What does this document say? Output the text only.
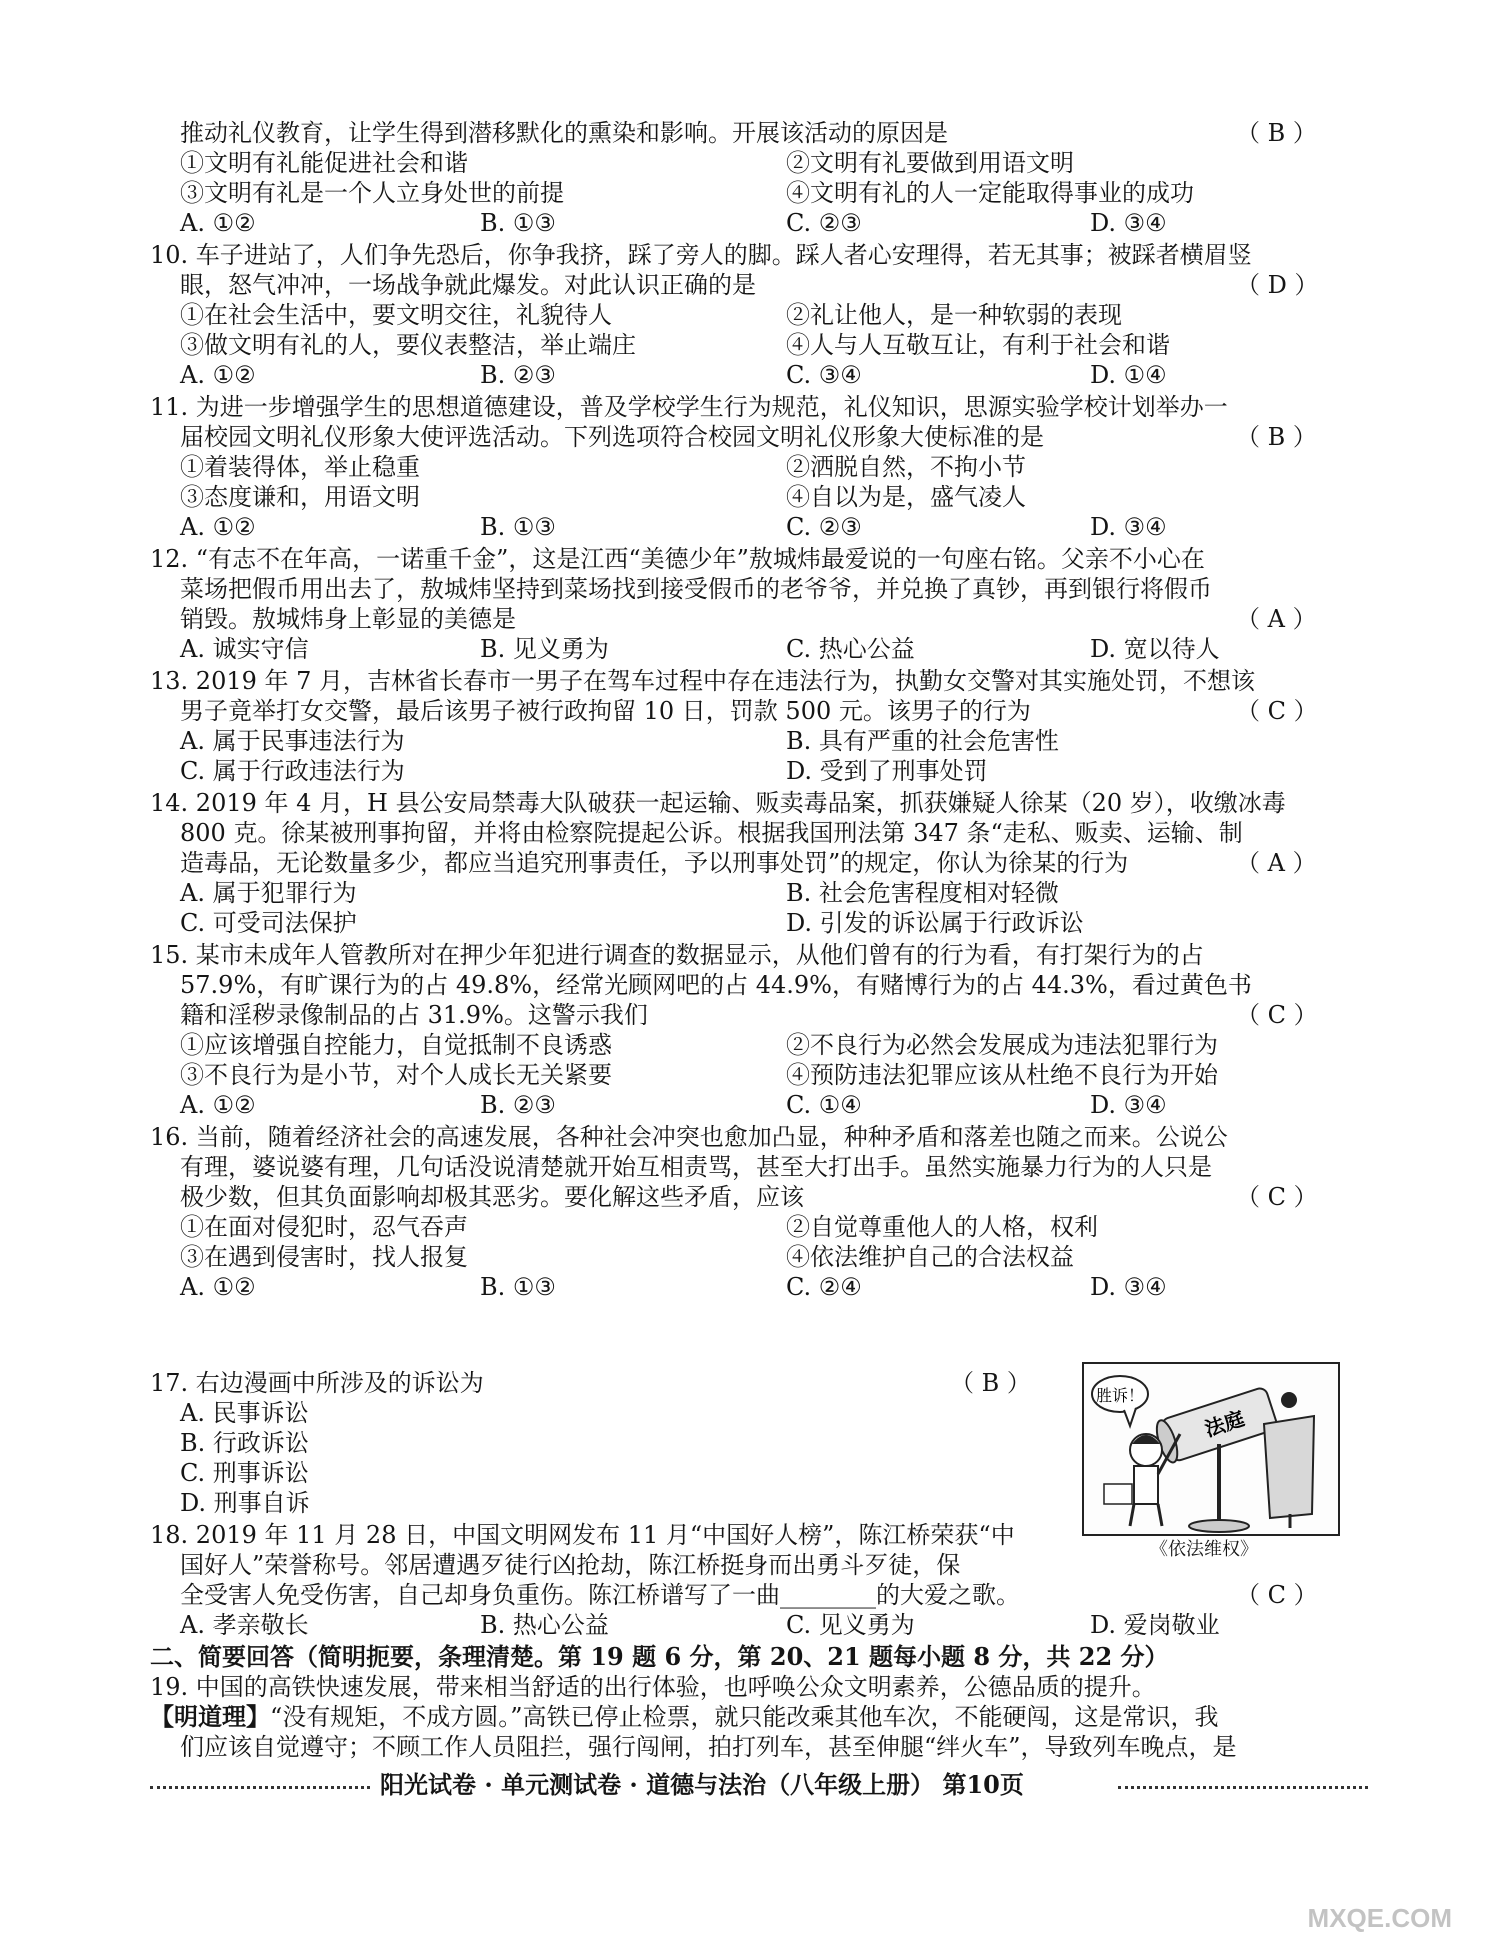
推动礼仪教育，让学生得到潜移默化的熏染和影响。开展该活动的原因是	（ B ）
①文明有礼能促进社会和谐	②文明有礼要做到用语文明
③文明有礼是一个人立身处世的前提	④文明有礼的人一定能取得事业的成功
A. ①②	B. ①③	C. ②③	D. ③④
10. 车子进站了，人们争先恐后，你争我挤，踩了旁人的脚。踩人者心安理得，若无其事；被踩者横眉竖
眼，怒气冲冲，一场战争就此爆发。对此认识正确的是	（ D ）
①在社会生活中，要文明交往，礼貌待人	②礼让他人，是一种软弱的表现
③做文明有礼的人，要仪表整洁，举止端庄	④人与人互敬互让，有利于社会和谐
A. ①②	B. ②③	C. ③④	D. ①④
11. 为进一步增强学生的思想道德建设，普及学校学生行为规范，礼仪知识，思源实验学校计划举办一
届校园文明礼仪形象大使评选活动。下列选项符合校园文明礼仪形象大使标准的是	（ B ）
①着装得体，举止稳重	②洒脱自然，不拘小节
③态度谦和，用语文明	④自以为是，盛气凌人
A. ①②	B. ①③	C. ②③	D. ③④
12. “有志不在年高，一诺重千金”，这是江西“美德少年”敖城炜最爱说的一句座右铭。父亲不小心在
菜场把假币用出去了，敖城炜坚持到菜场找到接受假币的老爷爷，并兑换了真钞，再到银行将假币
销毁。敖城炜身上彰显的美德是	（ A ）
A. 诚实守信	B. 见义勇为	C. 热心公益	D. 宽以待人
13. 2019 年 7 月，吉林省长春市一男子在驾车过程中存在违法行为，执勤女交警对其实施处罚，不想该
男子竟举打女交警，最后该男子被行政拘留 10 日，罚款 500 元。该男子的行为	（ C ）
A. 属于民事违法行为	B. 具有严重的社会危害性
C. 属于行政违法行为	D. 受到了刑事处罚
14. 2019 年 4 月，H 县公安局禁毒大队破获一起运输、贩卖毒品案，抓获嫌疑人徐某（20 岁），收缴冰毒
800 克。徐某被刑事拘留，并将由检察院提起公诉。根据我国刑法第 347 条“走私、贩卖、运输、制
造毒品，无论数量多少，都应当追究刑事责任，予以刑事处罚”的规定，你认为徐某的行为	（ A ）
A. 属于犯罪行为	B. 社会危害程度相对轻微
C. 可受司法保护	D. 引发的诉讼属于行政诉讼
15. 某市未成年人管教所对在押少年犯进行调查的数据显示，从他们曾有的行为看，有打架行为的占
57.9%，有旷课行为的占 49.8%，经常光顾网吧的占 44.9%，有赌博行为的占 44.3%，看过黄色书
籍和淫秽录像制品的占 31.9%。这警示我们	（ C ）
①应该增强自控能力，自觉抵制不良诱惑	②不良行为必然会发展成为违法犯罪行为
③不良行为是小节，对个人成长无关紧要	④预防违法犯罪应该从杜绝不良行为开始
A. ①②	B. ②③	C. ①④	D. ③④
16. 当前，随着经济社会的高速发展，各种社会冲突也愈加凸显，种种矛盾和落差也随之而来。公说公
有理，婆说婆有理，几句话没说清楚就开始互相责骂，甚至大打出手。虽然实施暴力行为的人只是
极少数，但其负面影响却极其恶劣。要化解这些矛盾，应该	（ C ）
①在面对侵犯时，忍气吞声	②自觉尊重他人的人格，权利
③在遇到侵害时，找人报复	④依法维护自己的合法权益
A. ①②	B. ①③	C. ②④	D. ③④
17. 右边漫画中所涉及的诉讼为	（ B ）
A. 民事诉讼
B. 行政诉讼
C. 刑事诉讼
D. 刑事自诉
胜诉！
法庭
《依法维权》
18. 2019 年 11 月 28 日，中国文明网发布 11 月“中国好人榜”，陈江桥荣获“中
国好人”荣誉称号。邻居遭遇歹徒行凶抢劫，陈江桥挺身而出勇斗歹徒，保
全受害人免受伤害，自己却身负重伤。陈江桥谱写了一曲________的大爱之歌。	（ C ）
A. 孝亲敬长	B. 热心公益	C. 见义勇为	D. 爱岗敬业
二、简要回答（简明扼要，条理清楚。第 19 题 6 分，第 20、21 题每小题 8 分，共 22 分）
19. 中国的高铁快速发展，带来相当舒适的出行体验，也呼唤公众文明素养，公德品质的提升。
【明道理】“没有规矩，不成方圆。”高铁已停止检票，就只能改乘其他车次，不能硬闯，这是常识，我
们应该自觉遵守；不顾工作人员阻拦，强行闯闸，拍打列车，甚至伸腿“绊火车”，导致列车晚点，是
阳光试卷 · 单元测试卷 · 道德与法治（八年级上册） 第10页
MXQE.COM
